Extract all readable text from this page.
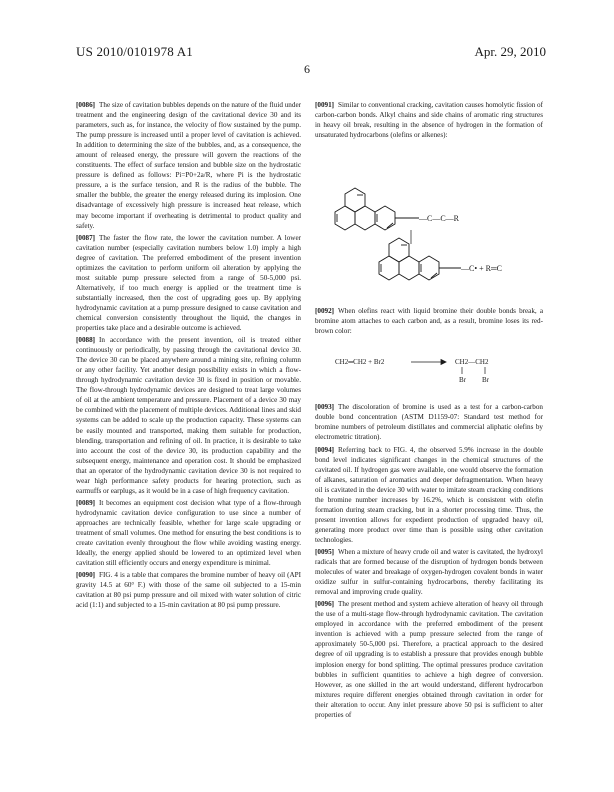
US 2010/0101978 A1	Apr. 29, 2010
6

[0086] The size of cavitation bubbles depends on the nature of the fluid under treatment and the engineering design of the cavitational device 30 and its parameters, such as, for instance, the velocity of flow sustained by the pump. The pump pressure is increased until a proper level of cavitation is achieved. In addition to determining the size of the bubbles, and, as a consequence, the amount of released energy, the pressure will govern the reactions of the constituents. The effect of surface tension and bubble size on the hydrostatic pressure is defined as follows: Pi=P0+2a/R, where Pi is the hydrostatic pressure, a is the surface tension, and R is the radius of the bubble. The smaller the bubble, the greater the energy released during its implosion. One disadvantage of excessively high pressure is increased heat release, which may become important if overheating is detrimental to product quality and safety.

[0087] The faster the flow rate, the lower the cavitation number. A lower cavitation number (especially cavitation numbers below 1.0) imply a high degree of cavitation. The preferred embodiment of the present invention optimizes the cavitation to perform uniform oil alteration by applying the most suitable pump pressure selected from a range of 50-5,000 psi. Alternatively, if too much energy is applied or the treatment time is substantially increased, then the cost of upgrading goes up. By applying hydrodynamic cavitation at a pump pressure designed to cause cavitation and chemical conversion consistently throughout the liquid, the changes in properties take place and a desirable outcome is achieved.

[0088] In accordance with the present invention, oil is treated either continuously or periodically, by passing through the cavitational device 30. The device 30 can be placed anywhere around a mining site, refining column or any other facility. Yet another design possibility exists in which a flow-through hydrodynamic cavitation device 30 is fixed in position or movable. The flow-through hydrodynamic devices are designed to treat large volumes of oil at the ambient temperature and pressure. Placement of a device 30 may be combined with the placement of multiple devices. Additional lines and skid systems can be added to scale up the production capacity. These systems can be easily mounted and transported, making them suitable for production, blending, transportation and refining of oil. In practice, it is desirable to take into account the cost of the device 30, its production capability and the subsequent energy, maintenance and operation cost. It should be emphasized that an operator of the hydrodynamic cavitation device 30 is not required to wear high performance safety products for hearing protection, such as earmuffs or earplugs, as it would be in a case of high frequency cavitation.

[0089] It becomes an equipment cost decision what type of a flow-through hydrodynamic cavitation device configuration to use since a number of approaches are technically feasible, whether for large scale upgrading or treatment of small volumes. One method for ensuring the best conditions is to create cavitation evenly throughout the flow while avoiding wasting energy. Ideally, the energy applied should be lowered to an optimized level when cavitation still efficiently occurs and energy expenditure is minimal.

[0090] FIG. 4 is a table that compares the bromine number of heavy oil (API gravity 14.5 at 60° F.) with those of the same oil subjected to a 15-min cavitation at 80 psi pump pressure and oil mixed with water solution of citric acid (1:1) and subjected to a 15-min cavitation at 80 psi pump pressure.

[0091] Similar to conventional cracking, cavitation causes homolytic fission of carbon-carbon bonds. Alkyl chains and side chains of aromatic ring structures in heavy oil break, resulting in the absence of hydrogen in the formation of unsaturated hydrocarbons (olefins or alkenes):

—C—C—R
—C• + R═C

[0092] When olefins react with liquid bromine their double bonds break, a bromine atom attaches to each carbon and, as a result, bromine loses its red-brown color:

CH2═CH2 + Br2	CH2—CH2
Br Br

[0093] The discoloration of bromine is used as a test for a carbon-carbon double bond concentration (ASTM D1159-07: Standard test method for bromine numbers of petroleum distillates and commercial aliphatic olefins by electrometric titration).

[0094] Referring back to FIG. 4, the observed 5.9% increase in the double bond level indicates significant changes in the chemical structures of the cavitated oil. If hydrogen gas were available, one would observe the formation of alkanes, saturation of aromatics and deeper defragmentation. When heavy oil is cavitated in the device 30 with water to imitate steam cracking conditions the bromine number increases by 16.2%, which is consistent with olefin formation during steam cracking, but in a shorter processing time. Thus, the present invention allows for expedient production of upgraded heavy oil, generating more product over time than is possible using other cavitation technologies.

[0095] When a mixture of heavy crude oil and water is cavitated, the hydroxyl radicals that are formed because of the disruption of hydrogen bonds between molecules of water and breakage of oxygen-hydrogen covalent bonds in water oxidize sulfur in sulfur-containing hydrocarbons, thereby facilitating its removal and improving crude quality.

[0096] The present method and system achieve alteration of heavy oil through the use of a multi-stage flow-through hydrodynamic cavitation. The cavitation employed in accordance with the preferred embodiment of the present invention is achieved with a pump pressure selected from the range of approximately 50-5,000 psi. Therefore, a practical approach to the desired degree of oil upgrading is to establish a pressure that provides enough bubble implosion energy for bond splitting. The optimal pressures produce cavitation bubbles in sufficient quantities to achieve a high degree of conversion. However, as one skilled in the art would understand, different hydrocarbon mixtures require different energies obtained through cavitation in order for their alteration to occur. Any inlet pressure above 50 psi is sufficient to alter properties of
